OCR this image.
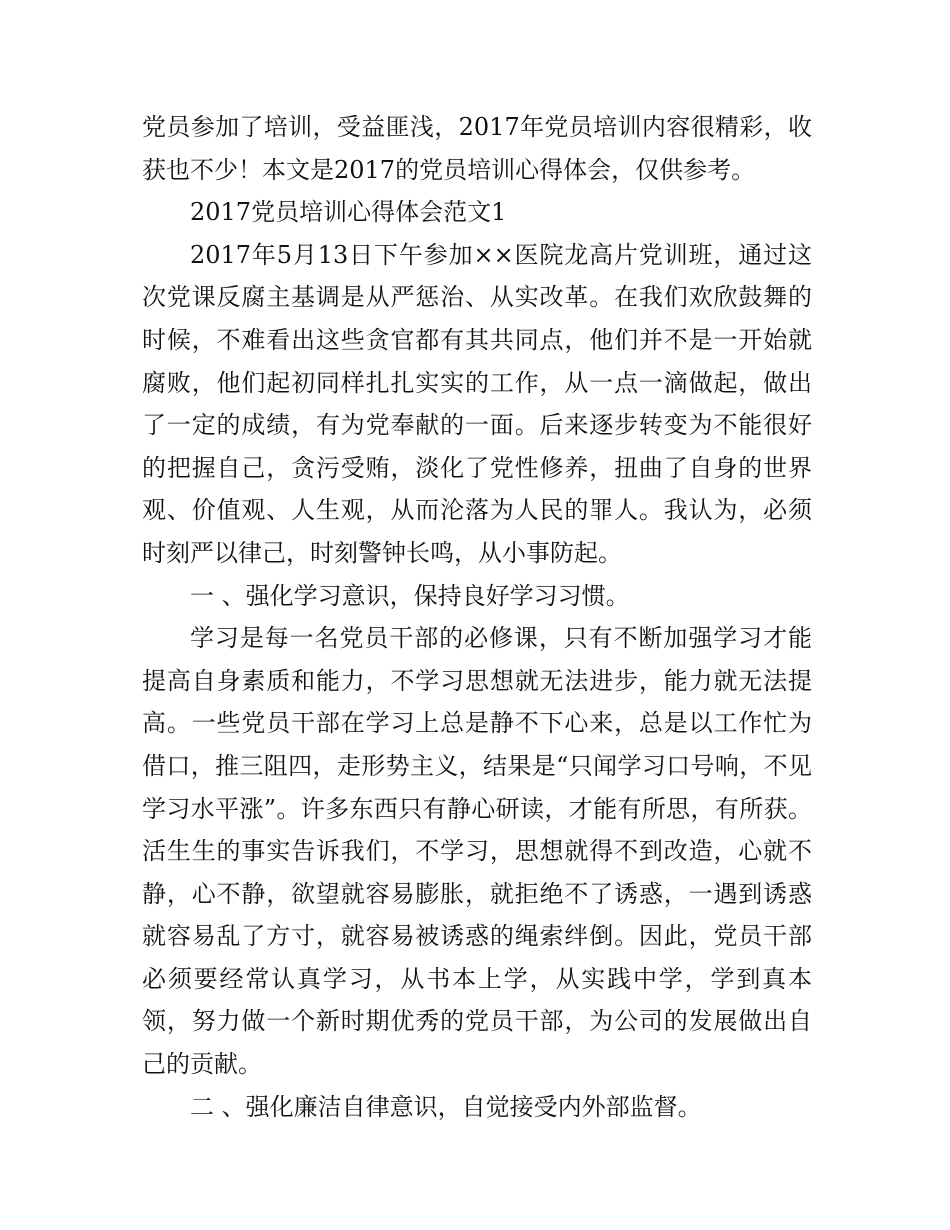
党员参加了培训，受益匪浅，2017年党员培训内容很精彩，收获也不少！本文是2017的党员培训心得体会，仅供参考。

2017党员培训心得体会范文1

2017年5月13日下午参加××医院龙高片党训班，通过这次党课反腐主基调是从严惩治、从实改革。在我们欢欣鼓舞的时候，不难看出这些贪官都有其共同点，他们并不是一开始就腐败，他们起初同样扎扎实实的工作，从一点一滴做起，做出了一定的成绩，有为党奉献的一面。后来逐步转变为不能很好的把握自己，贪污受贿，淡化了党性修养，扭曲了自身的世界观、价值观、人生观，从而沦落为人民的罪人。我认为，必须时刻严以律己，时刻警钟长鸣，从小事防起。

一 、强化学习意识，保持良好学习习惯。

学习是每一名党员干部的必修课，只有不断加强学习才能提高自身素质和能力，不学习思想就无法进步，能力就无法提高。一些党员干部在学习上总是静不下心来，总是以工作忙为借口，推三阻四，走形势主义，结果是“只闻学习口号响，不见学习水平涨”。许多东西只有静心研读，才能有所思，有所获。活生生的事实告诉我们，不学习，思想就得不到改造，心就不静，心不静，欲望就容易膨胀，就拒绝不了诱惑，一遇到诱惑就容易乱了方寸，就容易被诱惑的绳索绊倒。因此，党员干部必须要经常认真学习，从书本上学，从实践中学，学到真本领，努力做一个新时期优秀的党员干部，为公司的发展做出自己的贡献。

二 、强化廉洁自律意识，自觉接受内外部监督。
